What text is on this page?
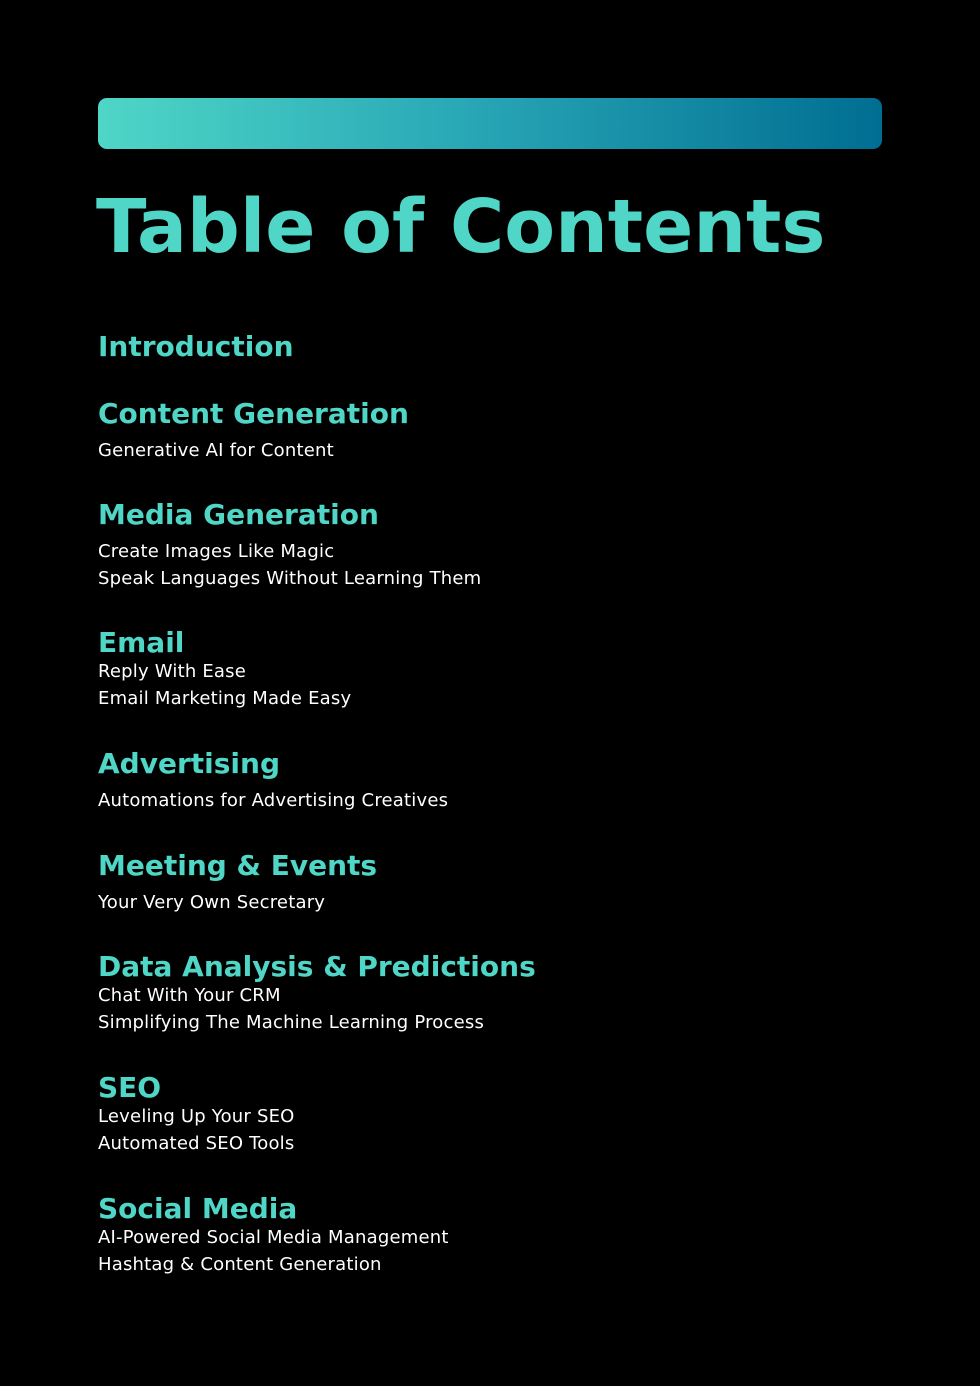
Table of Contents
Introduction
Content Generation
Generative AI for Content
Media Generation
Create Images Like Magic
Speak Languages Without Learning Them
Email
Reply With Ease
Email Marketing Made Easy
Advertising
Automations for Advertising Creatives
Meeting & Events
Your Very Own Secretary
Data Analysis & Predictions
Chat With Your CRM
Simplifying The Machine Learning Process
SEO
Leveling Up Your SEO
Automated SEO Tools
Social Media
AI-Powered Social Media Management
Hashtag & Content Generation
